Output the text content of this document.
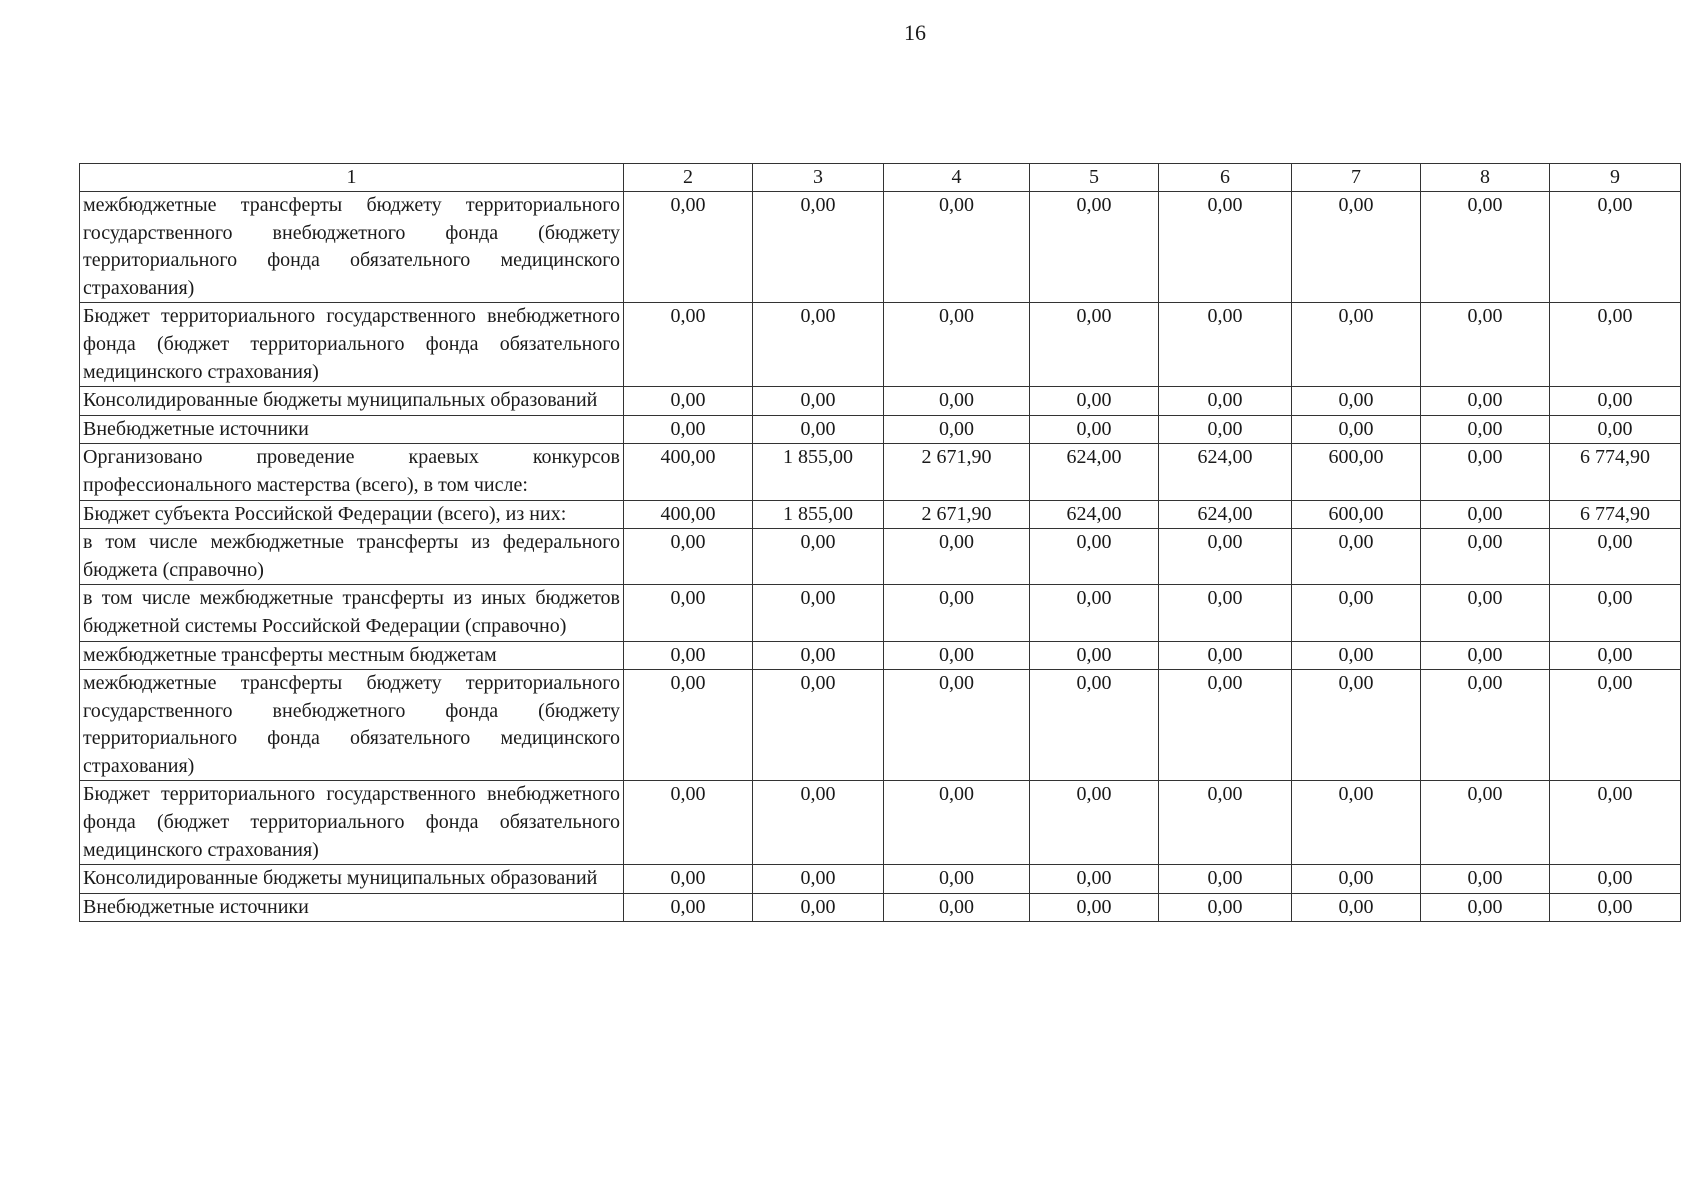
16
1	2	3	4	5	6	7	8	9
межбюджетные трансферты бюджету территориального государственного внебюджетного фонда (бюджету территориального фонда обязательного медицинского страхования)	0,00	0,00	0,00	0,00	0,00	0,00	0,00	0,00
Бюджет территориального государственного внебюджетного фонда (бюджет территориального фонда обязательного медицинского страхования)	0,00	0,00	0,00	0,00	0,00	0,00	0,00	0,00
Консолидированные бюджеты муниципальных образований	0,00	0,00	0,00	0,00	0,00	0,00	0,00	0,00
Внебюджетные источники	0,00	0,00	0,00	0,00	0,00	0,00	0,00	0,00
Организовано проведение краевых конкурсов профессионального мастерства (всего), в том числе:	400,00	1 855,00	2 671,90	624,00	624,00	600,00	0,00	6 774,90
Бюджет субъекта Российской Федерации (всего), из них:	400,00	1 855,00	2 671,90	624,00	624,00	600,00	0,00	6 774,90
в том числе межбюджетные трансферты из федерального бюджета (справочно)	0,00	0,00	0,00	0,00	0,00	0,00	0,00	0,00
в том числе межбюджетные трансферты из иных бюджетов бюджетной системы Российской Федерации (справочно)	0,00	0,00	0,00	0,00	0,00	0,00	0,00	0,00
межбюджетные трансферты местным бюджетам	0,00	0,00	0,00	0,00	0,00	0,00	0,00	0,00
межбюджетные трансферты бюджету территориального государственного внебюджетного фонда (бюджету территориального фонда обязательного медицинского страхования)	0,00	0,00	0,00	0,00	0,00	0,00	0,00	0,00
Бюджет территориального государственного внебюджетного фонда (бюджет территориального фонда обязательного медицинского страхования)	0,00	0,00	0,00	0,00	0,00	0,00	0,00	0,00
Консолидированные бюджеты муниципальных образований	0,00	0,00	0,00	0,00	0,00	0,00	0,00	0,00
Внебюджетные источники	0,00	0,00	0,00	0,00	0,00	0,00	0,00	0,00
